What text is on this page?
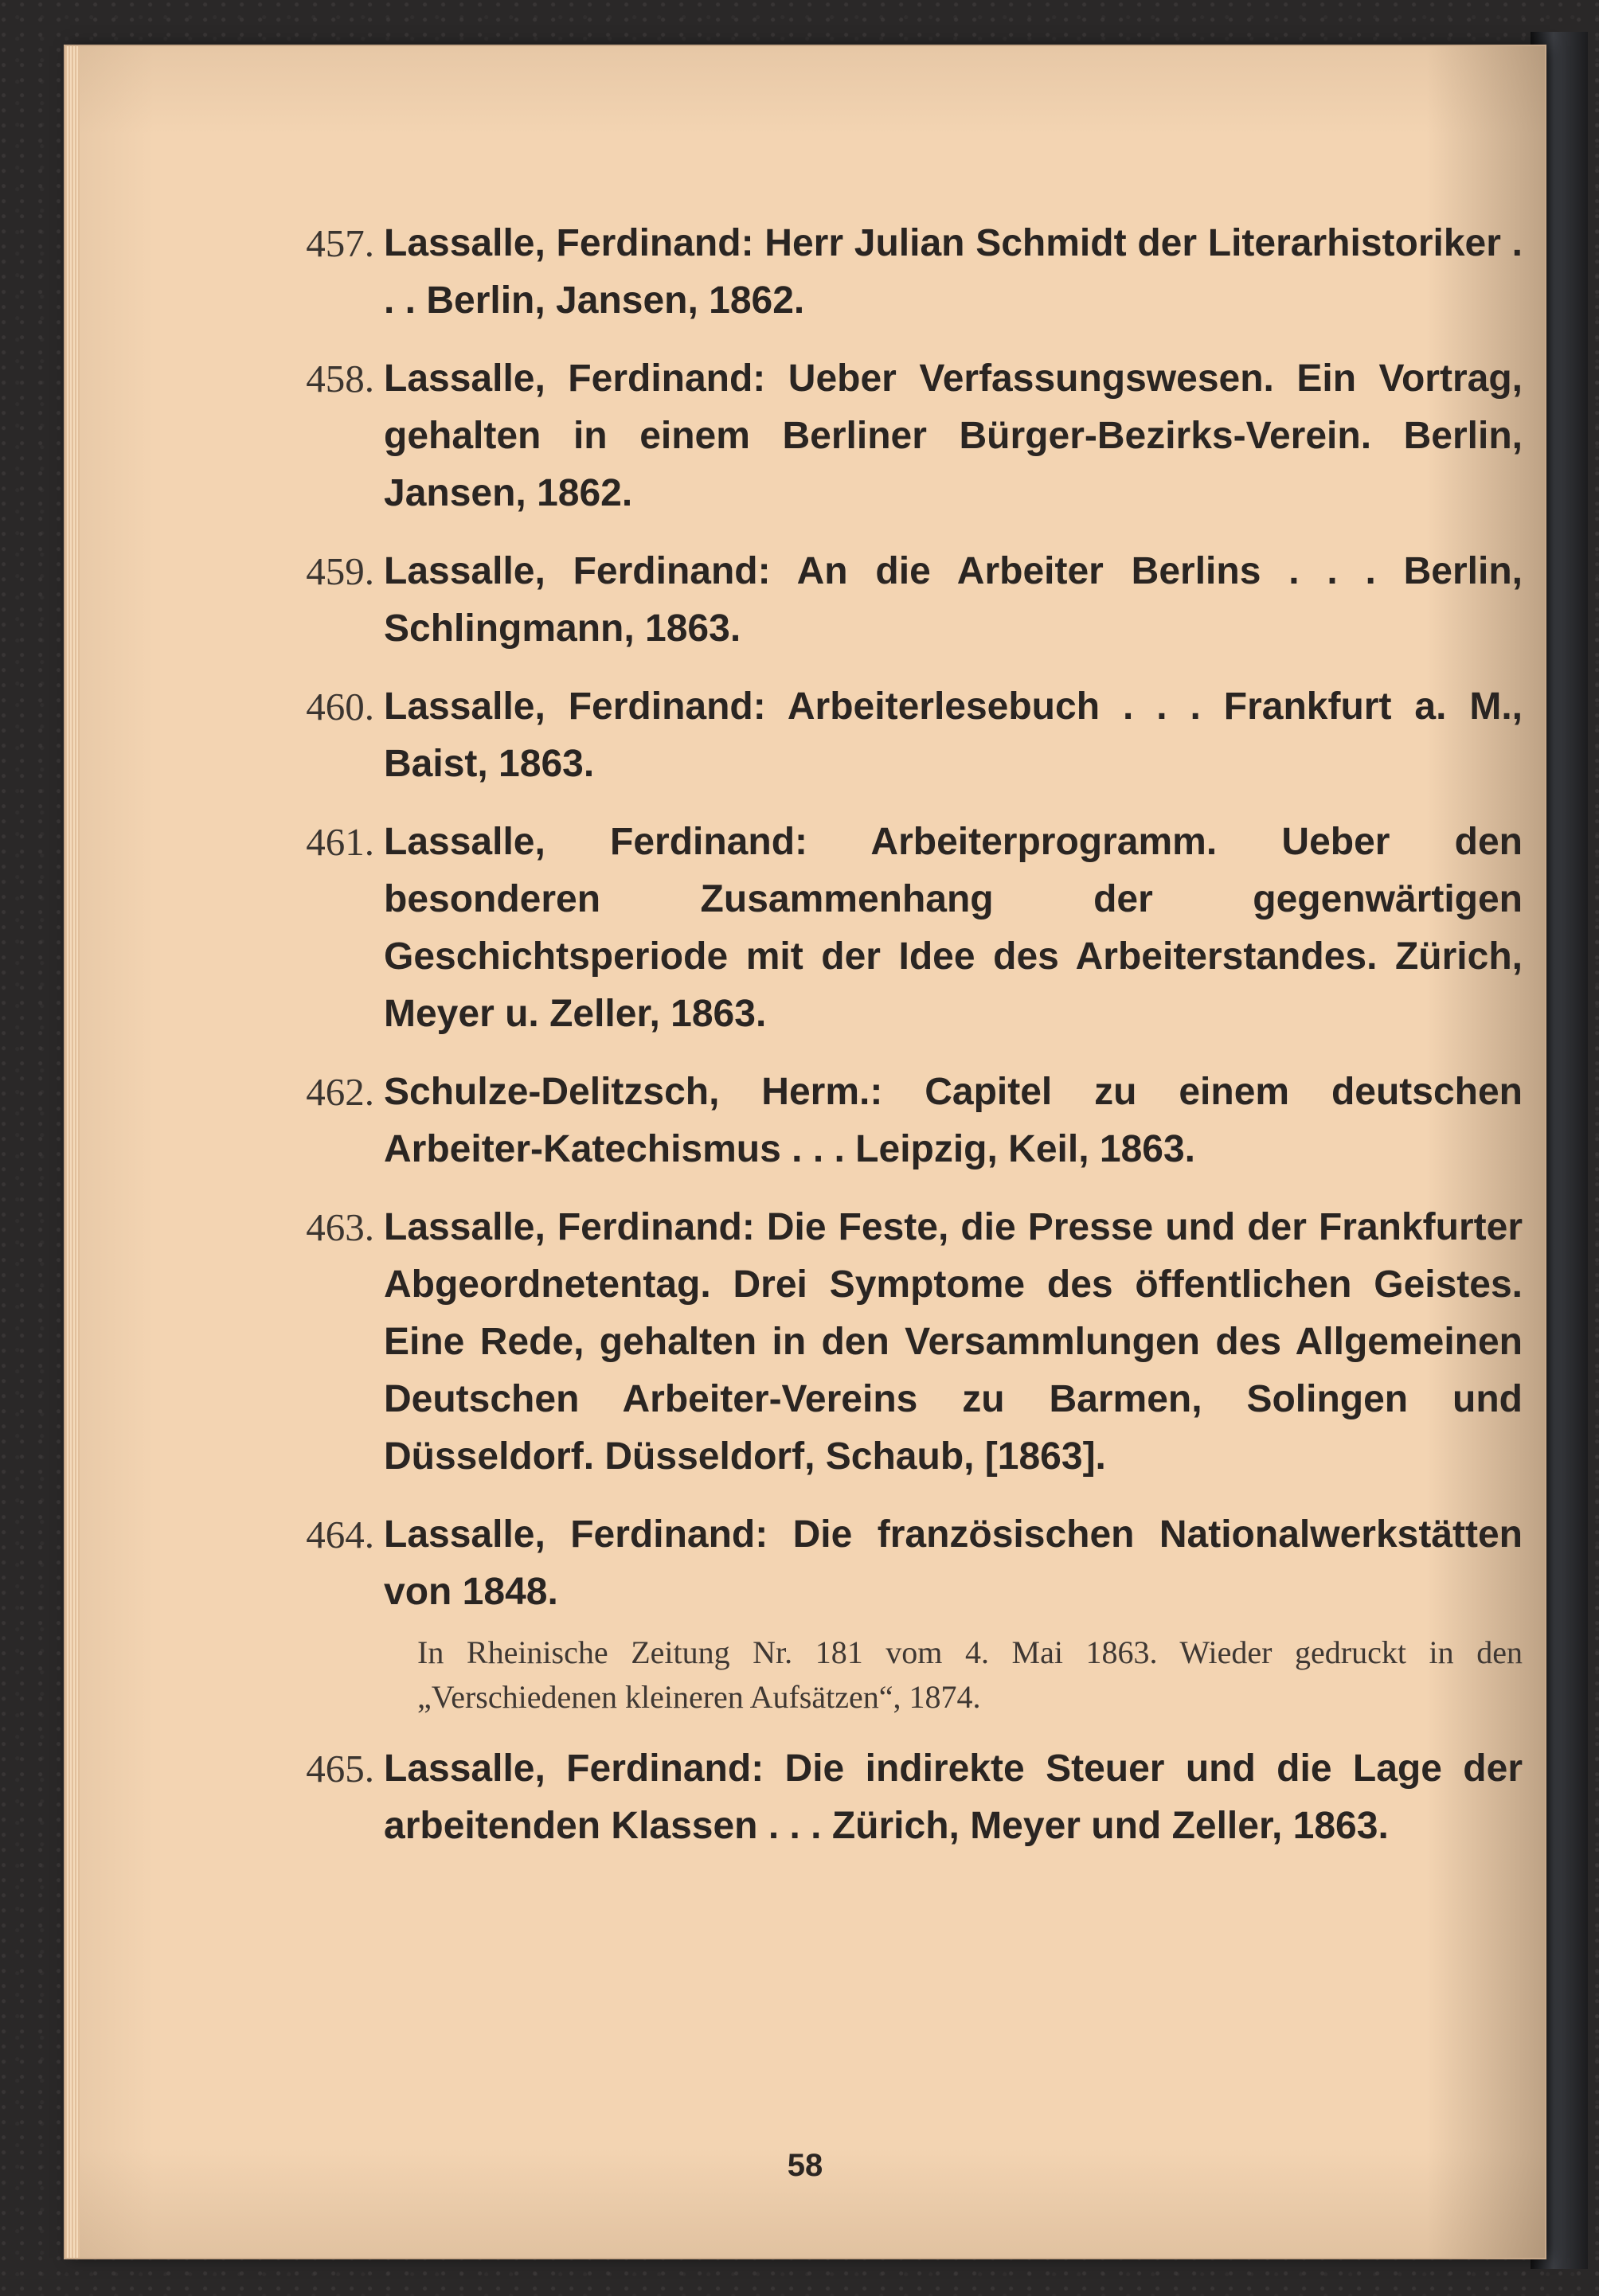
457. Lassalle, Ferdinand: Herr Julian Schmidt der Literarhistoriker . . . Berlin, Jansen, 1862.
458. Lassalle, Ferdinand: Ueber Verfassungswesen. Ein Vortrag, gehalten in einem Berliner Bürger-Bezirks-Verein. Berlin, Jansen, 1862.
459. Lassalle, Ferdinand: An die Arbeiter Berlins . . . Berlin, Schlingmann, 1863.
460. Lassalle, Ferdinand: Arbeiterlesebuch . . . Frankfurt a. M., Baist, 1863.
461. Lassalle, Ferdinand: Arbeiterprogramm. Ueber den besonderen Zusammenhang der gegenwärtigen Geschichtsperiode mit der Idee des Arbeiterstandes. Zürich, Meyer u. Zeller, 1863.
462. Schulze-Delitzsch, Herm.: Capitel zu einem deutschen Arbeiter-Katechismus . . . Leipzig, Keil, 1863.
463. Lassalle, Ferdinand: Die Feste, die Presse und der Frankfurter Abgeordnetentag. Drei Symptome des öffentlichen Geistes. Eine Rede, gehalten in den Versammlungen des Allgemeinen Deutschen Arbeiter-Vereins zu Barmen, Solingen und Düsseldorf. Düsseldorf, Schaub, [1863].
464. Lassalle, Ferdinand: Die französischen Nationalwerkstätten von 1848.
In Rheinische Zeitung Nr. 181 vom 4. Mai 1863. Wieder gedruckt in den „Verschiedenen kleineren Aufsätzen“, 1874.
465. Lassalle, Ferdinand: Die indirekte Steuer und die Lage der arbeitenden Klassen . . . Zürich, Meyer und Zeller, 1863.
58
